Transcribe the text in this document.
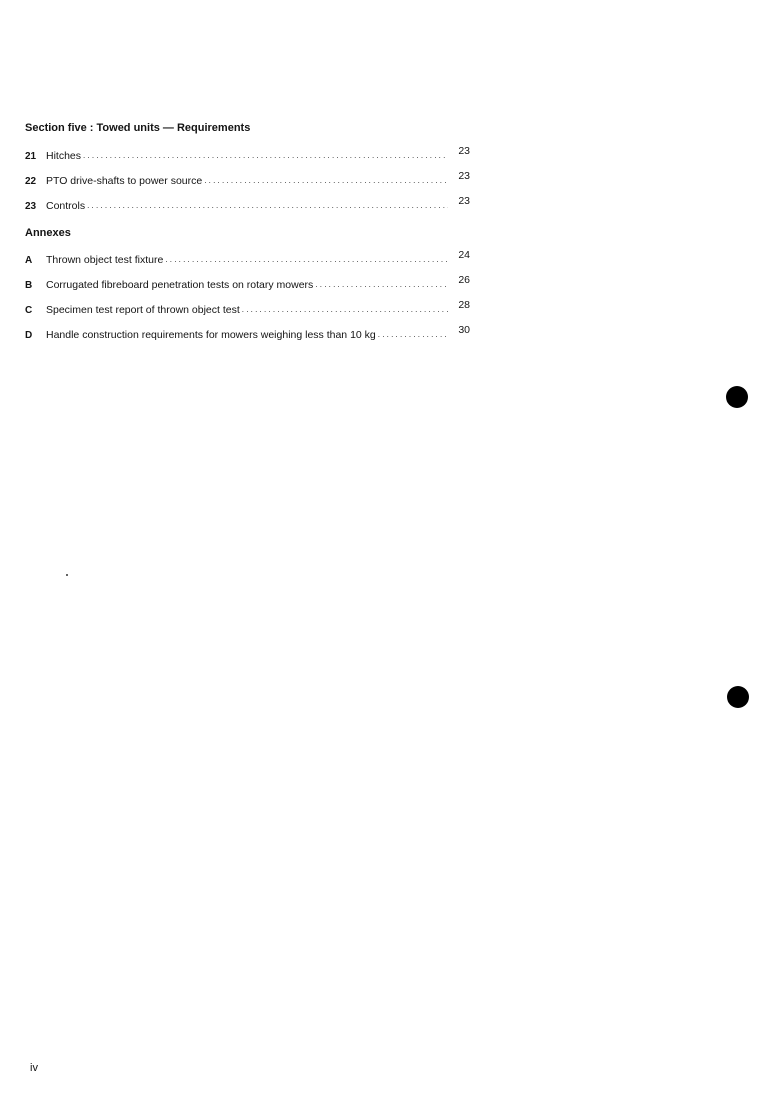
Section five : Towed units — Requirements
21 Hitches . . .	23
22 PTO drive-shafts to power source . . .	23
23 Controls . . .	23
Annexes
A	Thrown object test fixture . . .	24
B	Corrugated fibreboard penetration tests on rotary mowers . . .	26
C	Specimen test report of thrown object test . . .	28
D	Handle construction requirements for mowers weighing less than 10 kg . . .	30
iv
